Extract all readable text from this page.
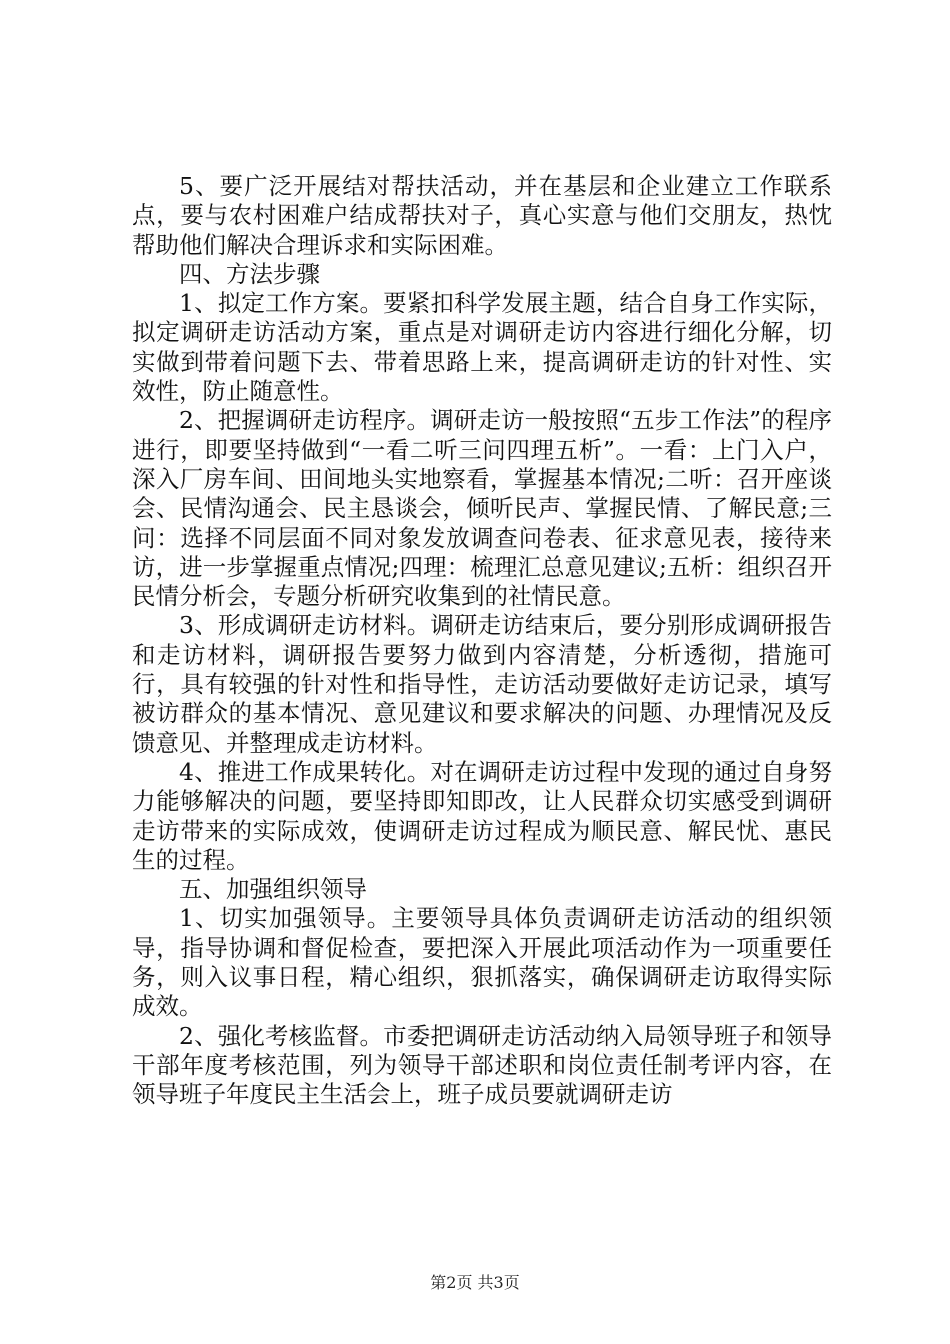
5、要广泛开展结对帮扶活动，并在基层和企业建立工作联系点，要与农村困难户结成帮扶对子，真心实意与他们交朋友，热忱帮助他们解决合理诉求和实际困难。

四、方法步骤

1、拟定工作方案。要紧扣科学发展主题，结合自身工作实际，拟定调研走访活动方案，重点是对调研走访内容进行细化分解，切实做到带着问题下去、带着思路上来，提高调研走访的针对性、实效性，防止随意性。

2、把握调研走访程序。调研走访一般按照“五步工作法”的程序进行，即要坚持做到“一看二听三问四理五析”。一看：上门入户，深入厂房车间、田间地头实地察看，掌握基本情况;二听：召开座谈会、民情沟通会、民主恳谈会，倾听民声、掌握民情、了解民意;三问：选择不同层面不同对象发放调查问卷表、征求意见表，接待来访，进一步掌握重点情况;四理：梳理汇总意见建议;五析：组织召开民情分析会，专题分析研究收集到的社情民意。

3、形成调研走访材料。调研走访结束后，要分别形成调研报告和走访材料，调研报告要努力做到内容清楚，分析透彻，措施可行，具有较强的针对性和指导性，走访活动要做好走访记录，填写被访群众的基本情况、意见建议和要求解决的问题、办理情况及反馈意见、并整理成走访材料。

4、推进工作成果转化。对在调研走访过程中发现的通过自身努力能够解决的问题，要坚持即知即改，让人民群众切实感受到调研走访带来的实际成效，使调研走访过程成为顺民意、解民忧、惠民生的过程。

五、加强组织领导

1、切实加强领导。主要领导具体负责调研走访活动的组织领导，指导协调和督促检查，要把深入开展此项活动作为一项重要任务，则入议事日程，精心组织，狠抓落实，确保调研走访取得实际成效。

2、强化考核监督。市委把调研走访活动纳入局领导班子和领导干部年度考核范围，列为领导干部述职和岗位责任制考评内容，在领导班子年度民主生活会上，班子成员要就调研走访

第2页 共3页
